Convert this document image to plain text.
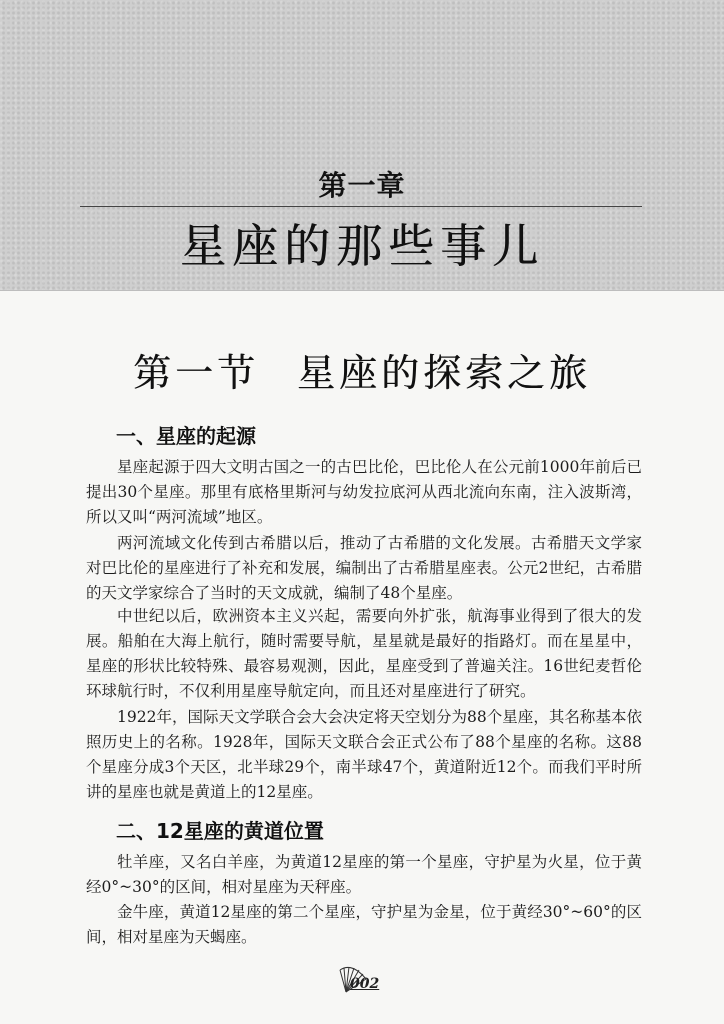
第一章
星座的那些事儿
第一节 星座的探索之旅
一、星座的起源

星座起源于四大文明古国之一的古巴比伦，巴比伦人在公元前1000年前后已提出30个星座。那里有底格里斯河与幼发拉底河从西北流向东南，注入波斯湾，所以又叫“两河流域”地区。

两河流域文化传到古希腊以后，推动了古希腊的文化发展。古希腊天文学家对巴比伦的星座进行了补充和发展，编制出了古希腊星座表。公元2世纪，古希腊的天文学家综合了当时的天文成就，编制了48个星座。

中世纪以后，欧洲资本主义兴起，需要向外扩张，航海事业得到了很大的发展。船舶在大海上航行，随时需要导航，星星就是最好的指路灯。而在星星中，星座的形状比较特殊、最容易观测，因此，星座受到了普遍关注。16世纪麦哲伦环球航行时，不仅利用星座导航定向，而且还对星座进行了研究。

1922年，国际天文学联合会大会决定将天空划分为88个星座，其名称基本依照历史上的名称。1928年，国际天文联合会正式公布了88个星座的名称。这88个星座分成3个天区，北半球29个，南半球47个，黄道附近12个。而我们平时所讲的星座也就是黄道上的12星座。

二、12星座的黄道位置

牡羊座，又名白羊座，为黄道12星座的第一个星座，守护星为火星，位于黄经0°~30°的区间，相对星座为天秤座。

金牛座，黄道12星座的第二个星座，守护星为金星，位于黄经30°~60°的区间，相对星座为天蝎座。

002
